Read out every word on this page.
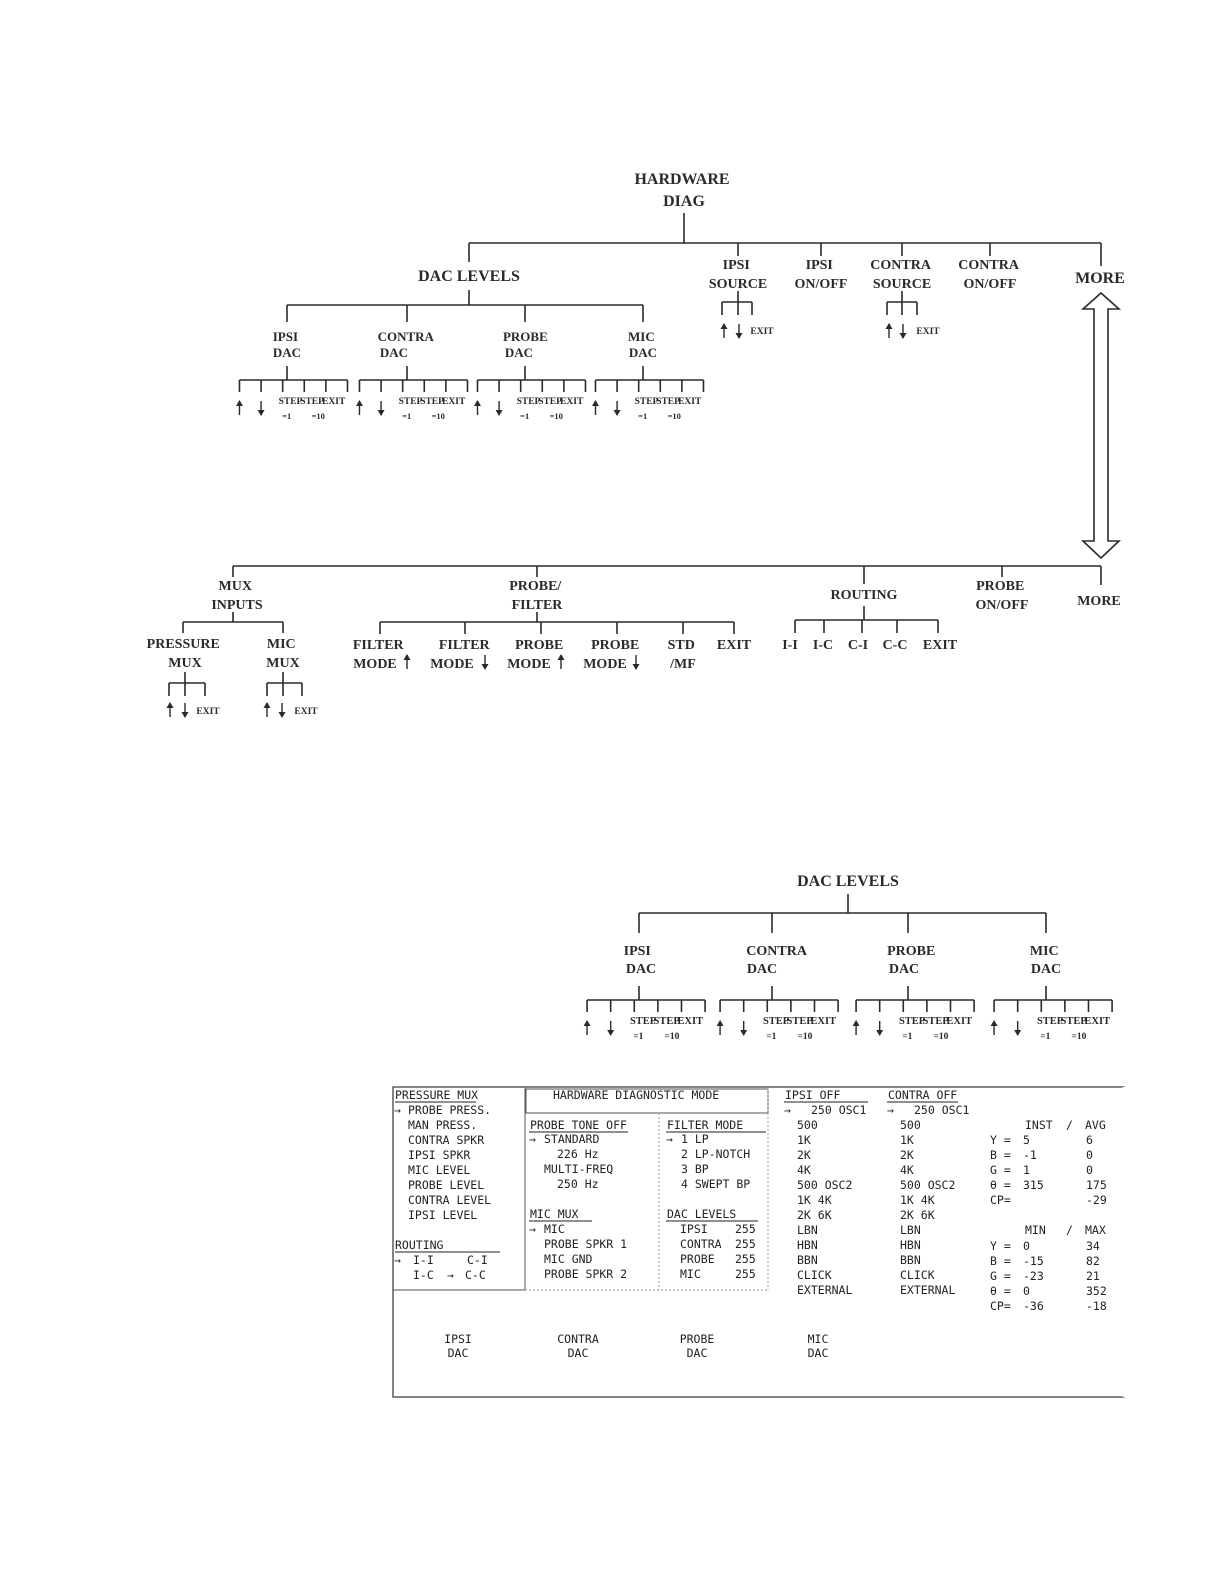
HARDWARE DIAG
DAC LEVELS
IPSI SOURCE
IPSI ON/OFF
CONTRA SOURCE
CONTRA ON/OFF	MORE
EXIT	EXIT
IPSI DAC
CONTRA DAC
PROBE DAC
MIC DAC
STEP
STEP
EXIT
=1 =10
STEP
STEP
EXIT
=1 =10
STEP
STEP
EXIT
=1 =10
STEP
STEP
EXIT
=1 =10
MUX INPUTS
PROBE/ FILTER
ROUTING
PROBE ON/OFF	MORE
PRESSURE MUX
MIC MUX
EXIT	EXIT
FILTER MODE
FILTER MODE
PROBE MODE
PROBE MODE
STD /MF
EXIT I-I I-C C-I C-C EXIT
DAC LEVELS
IPSI DAC
CONTRA DAC
PROBE DAC
MIC DAC
STEP
STEP
EXIT
=1 =10
STEP
STEP
EXIT
=1 =10
STEP
STEP
EXIT
=1 =10
STEP
STEP
EXIT
=1 =10
PRESSURE MUX
→ PROBE PRESS.
MAN PRESS.
CONTRA SPKR
IPSI SPKR
MIC LEVEL
PROBE LEVEL
CONTRA LEVEL
IPSI LEVEL
ROUTING
→ I-I	C-I
I-C → C-C
HARDWARE DIAGNOSTIC MODE
PROBE TONE OFF
→ STANDARD
226 Hz
MULTI-FREQ
250 Hz
MIC MUX
→ MIC
PROBE SPKR 1
MIC GND
PROBE SPKR 2
FILTER MODE
→ 1 LP
2 LP-NOTCH
3 BP
4 SWEPT BP
DAC LEVELS
IPSI 255
CONTRA 255
PROBE 255
MIC	255
IPSI OFF
→ 250 OSC1
500
1K
2K
4K
500 OSC2
1K 4K
2K 6K
LBN
HBN
BBN
CLICK
EXTERNAL
CONTRA OFF
→ 250 OSC1
500
1K
2K
4K
500 OSC2
1K 4K
2K 6K
LBN
HBN
BBN
CLICK
EXTERNAL
INST / AVG
Y = 5	6
B = -1	0
G = 1	0
θ = 315	175
CP=	-29
MIN / MAX
Y = 0	34
B = -15	82
G = -23	21
θ = 0	352
CP= -36	-18
IPSI
DAC
CONTRA
DAC
PROBE
DAC
MIC
DAC
